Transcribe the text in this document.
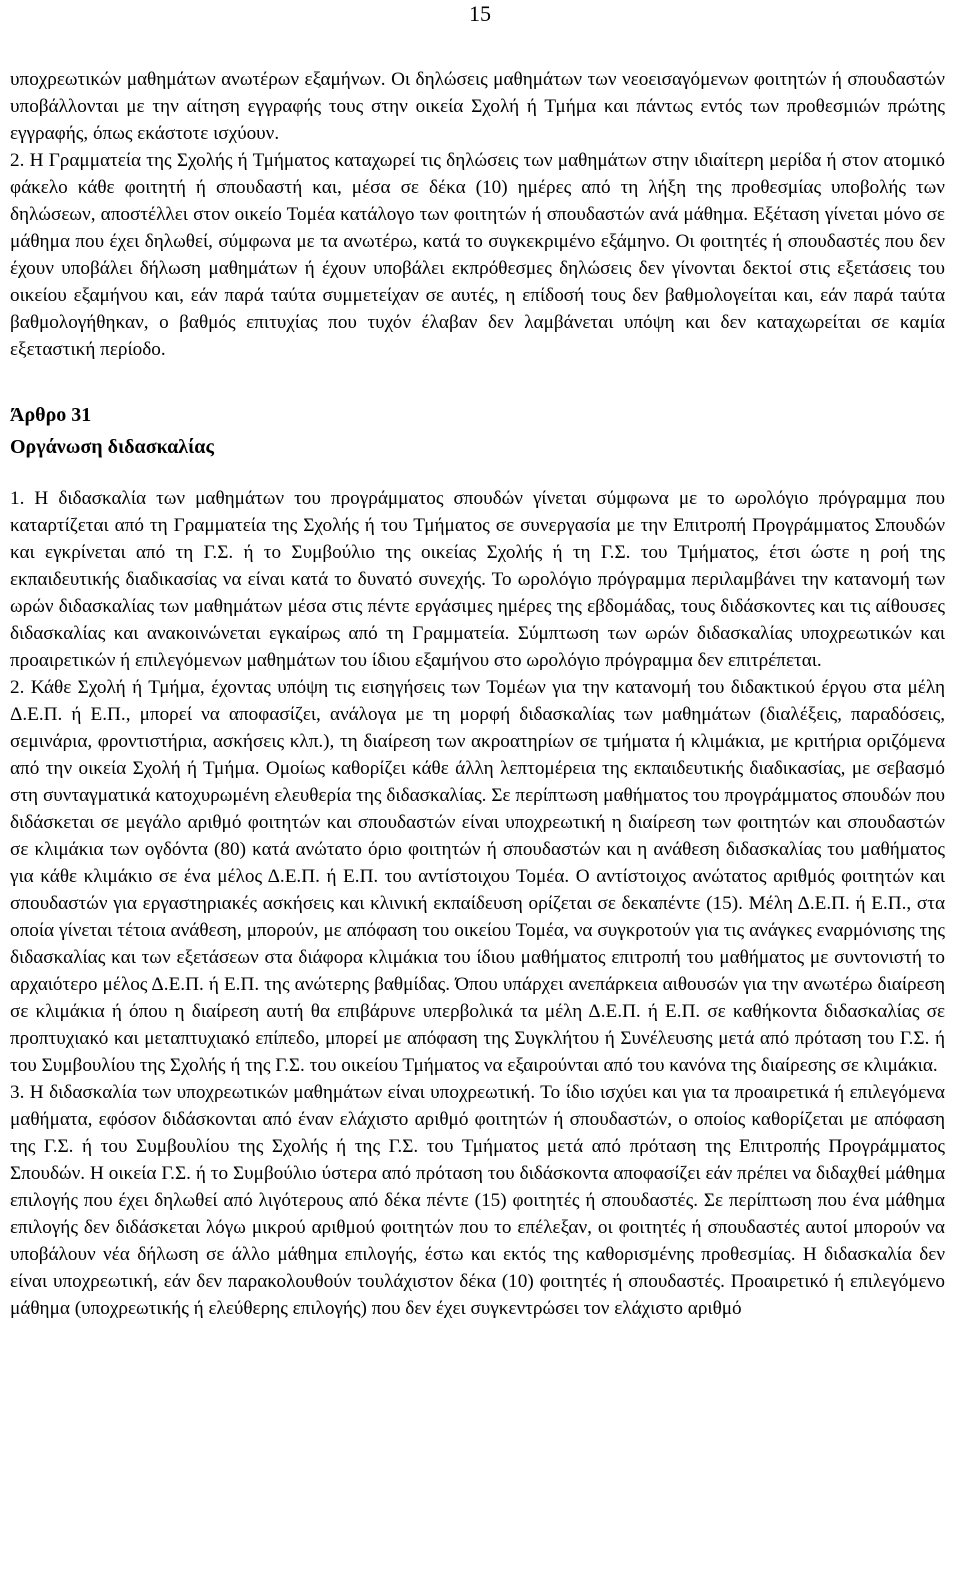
15

υποχρεωτικών μαθημάτων ανωτέρων εξαμήνων. Οι δηλώσεις μαθημάτων των νεοεισαγόμενων φοιτητών ή σπουδαστών υποβάλλονται με την αίτηση εγγραφής τους στην οικεία Σχολή ή Τμήμα και πάντως εντός των προθεσμιών πρώτης εγγραφής, όπως εκάστοτε ισχύουν.

2. Η Γραμματεία της Σχολής ή Τμήματος καταχωρεί τις δηλώσεις των μαθημάτων στην ιδιαίτερη μερίδα ή στον ατομικό φάκελο κάθε φοιτητή ή σπουδαστή και, μέσα σε δέκα (10) ημέρες από τη λήξη της προθεσμίας υποβολής των δηλώσεων, αποστέλλει στον οικείο Τομέα κατάλογο των φοιτητών ή σπουδαστών ανά μάθημα. Εξέταση γίνεται μόνο σε μάθημα που έχει δηλωθεί, σύμφωνα με τα ανωτέρω, κατά το συγκεκριμένο εξάμηνο. Οι φοιτητές ή σπουδαστές που δεν έχουν υποβάλει δήλωση μαθημάτων ή έχουν υποβάλει εκπρόθεσμες δηλώσεις δεν γίνονται δεκτοί στις εξετάσεις του οικείου εξαμήνου και, εάν παρά ταύτα συμμετείχαν σε αυτές, η επίδοσή τους δεν βαθμολογείται και, εάν παρά ταύτα βαθμολογήθηκαν, ο βαθμός επιτυχίας που τυχόν έλαβαν δεν λαμβάνεται υπόψη και δεν καταχωρείται σε καμία εξεταστική περίοδο.

Άρθρο 31

Οργάνωση διδασκαλίας

1. Η διδασκαλία των μαθημάτων του προγράμματος σπουδών γίνεται σύμφωνα με το ωρολόγιο πρόγραμμα που καταρτίζεται από τη Γραμματεία της Σχολής ή του Τμήματος σε συνεργασία με την Επιτροπή Προγράμματος Σπουδών και εγκρίνεται από τη Γ.Σ. ή το Συμβούλιο της οικείας Σχολής ή τη Γ.Σ. του Τμήματος, έτσι ώστε η ροή της εκπαιδευτικής διαδικασίας να είναι κατά το δυνατό συνεχής. Το ωρολόγιο πρόγραμμα περιλαμβάνει την κατανομή των ωρών διδασκαλίας των μαθημάτων μέσα στις πέντε εργάσιμες ημέρες της εβδομάδας, τους διδάσκοντες και τις αίθουσες διδασκαλίας και ανακοινώνεται εγκαίρως από τη Γραμματεία. Σύμπτωση των ωρών διδασκαλίας υποχρεωτικών και προαιρετικών ή επιλεγόμενων μαθημάτων του ίδιου εξαμήνου στο ωρολόγιο πρόγραμμα δεν επιτρέπεται.

2. Κάθε Σχολή ή Τμήμα, έχοντας υπόψη τις εισηγήσεις των Τομέων για την κατανομή του διδακτικού έργου στα μέλη Δ.Ε.Π. ή Ε.Π., μπορεί να αποφασίζει, ανάλογα με τη μορφή διδασκαλίας των μαθημάτων (διαλέξεις, παραδόσεις, σεμινάρια, φροντιστήρια, ασκήσεις κλπ.), τη διαίρεση των ακροατηρίων σε τμήματα ή κλιμάκια, με κριτήρια οριζόμενα από την οικεία Σχολή ή Τμήμα. Ομοίως καθορίζει κάθε άλλη λεπτομέρεια της εκπαιδευτικής διαδικασίας, με σεβασμό στη συνταγματικά κατοχυρωμένη ελευθερία της διδασκαλίας. Σε περίπτωση μαθήματος του προγράμματος σπουδών που διδάσκεται σε μεγάλο αριθμό φοιτητών και σπουδαστών είναι υποχρεωτική η διαίρεση των φοιτητών και σπουδαστών σε κλιμάκια των ογδόντα (80) κατά ανώτατο όριο φοιτητών ή σπουδαστών και η ανάθεση διδασκαλίας του μαθήματος για κάθε κλιμάκιο σε ένα μέλος Δ.Ε.Π. ή Ε.Π. του αντίστοιχου Τομέα. Ο αντίστοιχος ανώτατος αριθμός φοιτητών και σπουδαστών για εργαστηριακές ασκήσεις και κλινική εκπαίδευση ορίζεται σε δεκαπέντε (15). Μέλη Δ.Ε.Π. ή Ε.Π., στα οποία γίνεται τέτοια ανάθεση, μπορούν, με απόφαση του οικείου Τομέα, να συγκροτούν για τις ανάγκες εναρμόνισης της διδασκαλίας και των εξετάσεων στα διάφορα κλιμάκια του ίδιου μαθήματος επιτροπή του μαθήματος με συντονιστή το αρχαιότερο μέλος Δ.Ε.Π. ή Ε.Π. της ανώτερης βαθμίδας. Όπου υπάρχει ανεπάρκεια αιθουσών για την ανωτέρω διαίρεση σε κλιμάκια ή όπου η διαίρεση αυτή θα επιβάρυνε υπερβολικά τα μέλη Δ.Ε.Π. ή Ε.Π. σε καθήκοντα διδασκαλίας σε προπτυχιακό και μεταπτυχιακό επίπεδο, μπορεί με απόφαση της Συγκλήτου ή Συνέλευσης μετά από πρόταση του Γ.Σ. ή του Συμβουλίου της Σχολής ή της Γ.Σ. του οικείου Τμήματος να εξαιρούνται από του κανόνα της διαίρεσης σε κλιμάκια.

3. Η διδασκαλία των υποχρεωτικών μαθημάτων είναι υποχρεωτική. Το ίδιο ισχύει και για τα προαιρετικά ή επιλεγόμενα μαθήματα, εφόσον διδάσκονται από έναν ελάχιστο αριθμό φοιτητών ή σπουδαστών, ο οποίος καθορίζεται με απόφαση της Γ.Σ. ή του Συμβουλίου της Σχολής ή της Γ.Σ. του Τμήματος μετά από πρόταση της Επιτροπής Προγράμματος Σπουδών. Η οικεία Γ.Σ. ή το Συμβούλιο ύστερα από πρόταση του διδάσκοντα αποφασίζει εάν πρέπει να διδαχθεί μάθημα επιλογής που έχει δηλωθεί από λιγότερους από δέκα πέντε (15) φοιτητές ή σπουδαστές. Σε περίπτωση που ένα μάθημα επιλογής δεν διδάσκεται λόγω μικρού αριθμού φοιτητών που το επέλεξαν, οι φοιτητές ή σπουδαστές αυτοί μπορούν να υποβάλουν νέα δήλωση σε άλλο μάθημα επιλογής, έστω και εκτός της καθορισμένης προθεσμίας. Η διδασκαλία δεν είναι υποχρεωτική, εάν δεν παρακολουθούν τουλάχιστον δέκα (10) φοιτητές ή σπουδαστές. Προαιρετικό ή επιλεγόμενο μάθημα (υποχρεωτικής ή ελεύθερης επιλογής) που δεν έχει συγκεντρώσει τον ελάχιστο αριθμό
